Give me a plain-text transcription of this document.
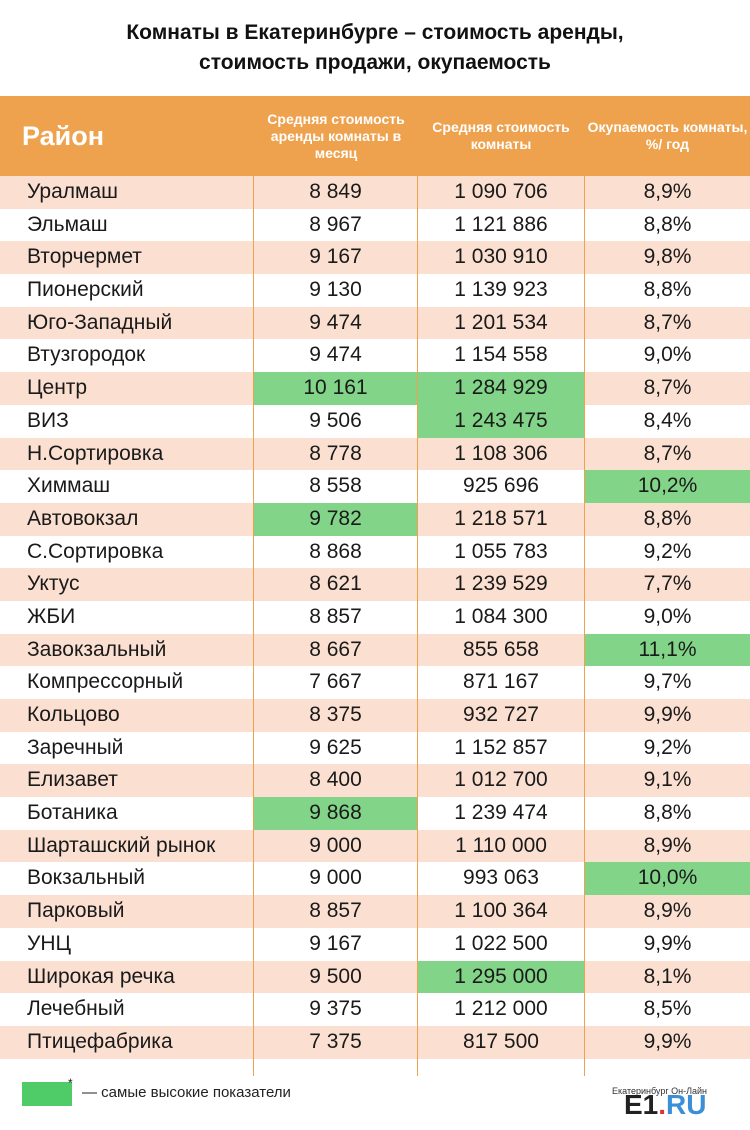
Комнаты в Екатеринбурге – стоимость аренды,
стоимость продажи, окупаемость
Район
Средняя стоимость аренды комнаты в месяц
Средняя стоимость комнаты
Окупаемость комнаты, %/ год
Уралмаш	8 849	1 090 706	8,9%
Эльмаш	8 967	1 121 886	8,8%
Вторчермет	9 167	1 030 910	9,8%
Пионерский	9 130	1 139 923	8,8%
Юго-Западный	9 474	1 201 534	8,7%
Втузгородок	9 474	1 154 558	9,0%
Центр	10 161	1 284 929	8,7%
ВИЗ	9 506	1 243 475	8,4%
Н.Сортировка	8 778	1 108 306	8,7%
Химмаш	8 558	925 696	10,2%
Автовокзал	9 782	1 218 571	8,8%
С.Сортировка	8 868	1 055 783	9,2%
Уктус	8 621	1 239 529	7,7%
ЖБИ	8 857	1 084 300	9,0%
Завокзальный	8 667	855 658	11,1%
Компрессорный	7 667	871 167	9,7%
Кольцово	8 375	932 727	9,9%
Заречный	9 625	1 152 857	9,2%
Елизавет	8 400	1 012 700	9,1%
Ботаника	9 868	1 239 474	8,8%
Шарташский рынок	9 000	1 110 000	8,9%
Вокзальный	9 000	993 063	10,0%
Парковый	8 857	1 100 364	8,9%
УНЦ	9 167	1 022 500	9,9%
Широкая речка	9 500	1 295 000	8,1%
Лечебный	9 375	1 212 000	8,5%
Птицефабрика	7 375	817 500	9,9%
*
— самые высокие показатели	Екатеринбург Он-Лайн
E1.RU
